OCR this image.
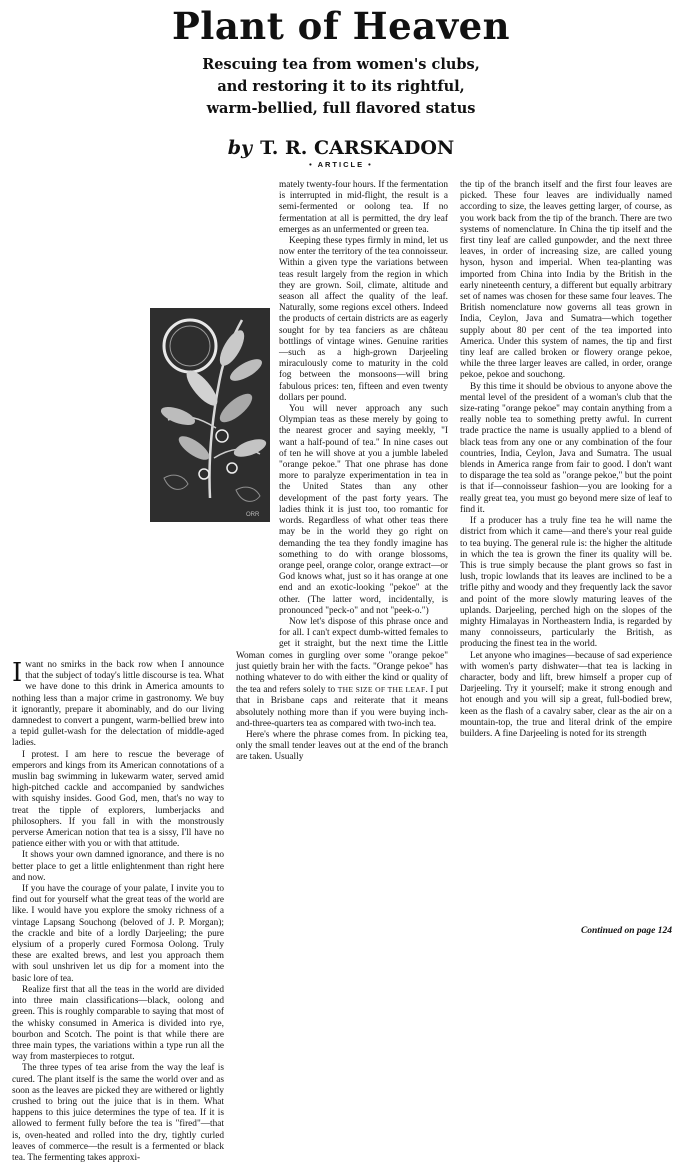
Plant of Heaven
Rescuing tea from women's clubs,
and restoring it to its rightful,
warm-bellied, full flavored status
by T. R. CARSKADON
• ARTICLE •

I want no smirks in the back row when I announce that the subject of today's little discourse is tea. What we have done to this drink in America amounts to nothing less than a major crime in gastronomy. We buy it ignorantly, prepare it abominably, and do our living damnedest to convert a pungent, warm-bellied brew into a tepid gullet-wash for the delectation of middle-aged ladies.

I protest. I am here to rescue the beverage of emperors and kings from its American connotations of a muslin bag swimming in lukewarm water, served amid high-pitched cackle and accompanied by sandwiches with squishy insides. Good God, men, that's no way to treat the tipple of explorers, lumberjacks and philosophers. If you fall in with the monstrously perverse American notion that tea is a sissy, I'll have no patience either with you or with that attitude.

It shows your own damned ignorance, and there is no better place to get a little enlightenment than right here and now.

If you have the courage of your palate, I invite you to find out for yourself what the great teas of the world are like. I would have you explore the smoky richness of a vintage Lapsang Souchong (beloved of J. P. Morgan); the crackle and bite of a lordly Darjeeling; the pure elysium of a properly cured Formosa Oolong. Truly these are exalted brews, and lest you approach them with soul unshriven let us dip for a moment into the basic lore of tea.

Realize first that all the teas in the world are divided into three main classifications—black, oolong and green. This is roughly comparable to saying that most of the whisky consumed in America is divided into rye, bourbon and Scotch. The point is that while there are three main types, the variations within a type run all the way from masterpieces to rotgut.

The three types of tea arise from the way the leaf is cured. The plant itself is the same the world over and as soon as the leaves are picked they are withered or lightly crushed to bring out the juice that is in them. What happens to this juice determines the type of tea. If it is allowed to ferment fully before the tea is "fired"—that is, oven-heated and rolled into the dry, tightly curled leaves of commerce—the result is a fermented or black tea. The fermenting takes approxi-

mately twenty-four hours. If the fermentation is interrupted in mid-flight, the result is a semi-fermented or oolong tea. If no fermentation at all is permitted, the dry leaf emerges as an unfermented or green tea.

Keeping these types firmly in mind, let us now enter the territory of the tea connoisseur. Within a given type the variations between teas result largely from the region in which they are grown. Soil, climate, altitude and season all affect the quality of the leaf. Naturally, some regions excel others. Indeed the products of certain districts are as eagerly sought for by tea fanciers as are château bottlings of vintage wines. Genuine rarities—such as a high-grown Darjeeling miraculously come to maturity in the cold fog between the monsoons—will bring fabulous prices: ten, fifteen and even twenty dollars per pound.

You will never approach any such Olympian teas as these merely by going to the nearest grocer and saying meekly, "I want a half-pound of tea." In nine cases out of ten he will shove at you a jumble labeled "orange pekoe." That one phrase has done more to paralyze experimentation in tea in the United States than any other development of the past forty years. The ladies think it is just too, too romantic for words. Regardless of what other teas there may be in the world they go right on demanding the tea they fondly imagine has something to do with orange blossoms, orange peel, orange color, orange extract—or God knows what, just so it has orange at one end and an exotic-looking "pekoe" at the other. (The latter word, incidentally, is pronounced "peck-o" and not "peek-o.")

Now let's dispose of this phrase once and for all. I can't expect dumb-witted females to get it straight, but the next time the Little Woman comes in gurgling over some "orange pekoe" just quietly brain her with the facts. "Orange pekoe" has nothing whatever to do with either the kind or quality of the tea and refers solely to THE SIZE OF THE LEAF. I put that in Brisbane caps and reiterate that it means absolutely nothing more than if you were buying inch-and-three-quarters tea as compared with two-inch tea.

Here's where the phrase comes from. In picking tea, only the small tender leaves out at the end of the branch are taken. Usually

the tip of the branch itself and the first four leaves are picked. These four leaves are individually named according to size, the leaves getting larger, of course, as you work back from the tip of the branch. There are two systems of nomenclature. In China the tip itself and the first tiny leaf are called gunpowder, and the next three leaves, in order of increasing size, are called young hyson, hyson and imperial. When tea-planting was imported from China into India by the British in the early nineteenth century, a different but equally arbitrary set of names was chosen for these same four leaves. The British nomenclature now governs all teas grown in India, Ceylon, Java and Sumatra—which together supply about 80 per cent of the tea imported into America. Under this system of names, the tip and first tiny leaf are called broken or flowery orange pekoe, while the three larger leaves are called, in order, orange pekoe, pekoe and souchong.

By this time it should be obvious to anyone above the mental level of the president of a woman's club that the size-rating "orange pekoe" may contain anything from a really noble tea to something pretty awful. In current trade practice the name is usually applied to a blend of black teas from any one or any combination of the four countries, India, Ceylon, Java and Sumatra. The usual blends in America range from fair to good. I don't want to disparage the tea sold as "orange pekoe," but the point is that if—connoisseur fashion—you are looking for a really great tea, you must go beyond mere size of leaf to find it.

If a producer has a truly fine tea he will name the district from which it came—and there's your real guide to tea buying. The general rule is: the higher the altitude in which the tea is grown the finer its quality will be. This is true simply because the plant grows so fast in lush, tropic lowlands that its leaves are inclined to be a trifle pithy and woody and they frequently lack the savor and point of the more slowly maturing leaves of the uplands. Darjeeling, perched high on the slopes of the mighty Himalayas in Northeastern India, is regarded by many connoisseurs, particularly the British, as producing the finest tea in the world.

Let anyone who imagines—because of sad experience with women's party dishwater—that tea is lacking in character, body and lift, brew himself a proper cup of Darjeeling. Try it yourself; make it strong enough and hot enough and you will sip a great, full-bodied brew, keen as the flash of a cavalry saber, clear as the air on a mountain-top, the true and literal drink of the empire builders. A fine Darjeeling is noted for its strength

ORR
Continued on page 124
